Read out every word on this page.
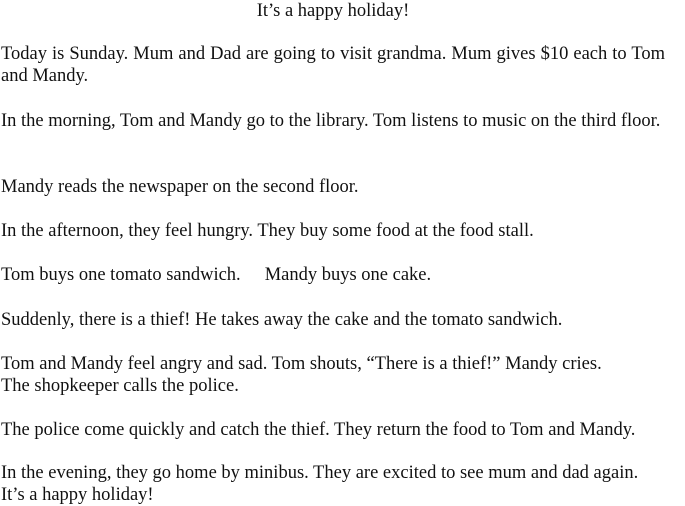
It’s a happy holiday!

Today is Sunday. Mum and Dad are going to visit grandma. Mum gives $10 each to Tom and Mandy.

In the morning, Tom and Mandy go to the library. Tom listens to music on the third floor.

Mandy reads the newspaper on the second floor.

In the afternoon, they feel hungry. They buy some food at the food stall.

Tom buys one tomato sandwich. Mandy buys one cake.

Suddenly, there is a thief! He takes away the cake and the tomato sandwich.

Tom and Mandy feel angry and sad. Tom shouts, “There is a thief!” Mandy cries.
The shopkeeper calls the police.

The police come quickly and catch the thief. They return the food to Tom and Mandy.

In the evening, they go home by minibus. They are excited to see mum and dad again.
It’s a happy holiday!
